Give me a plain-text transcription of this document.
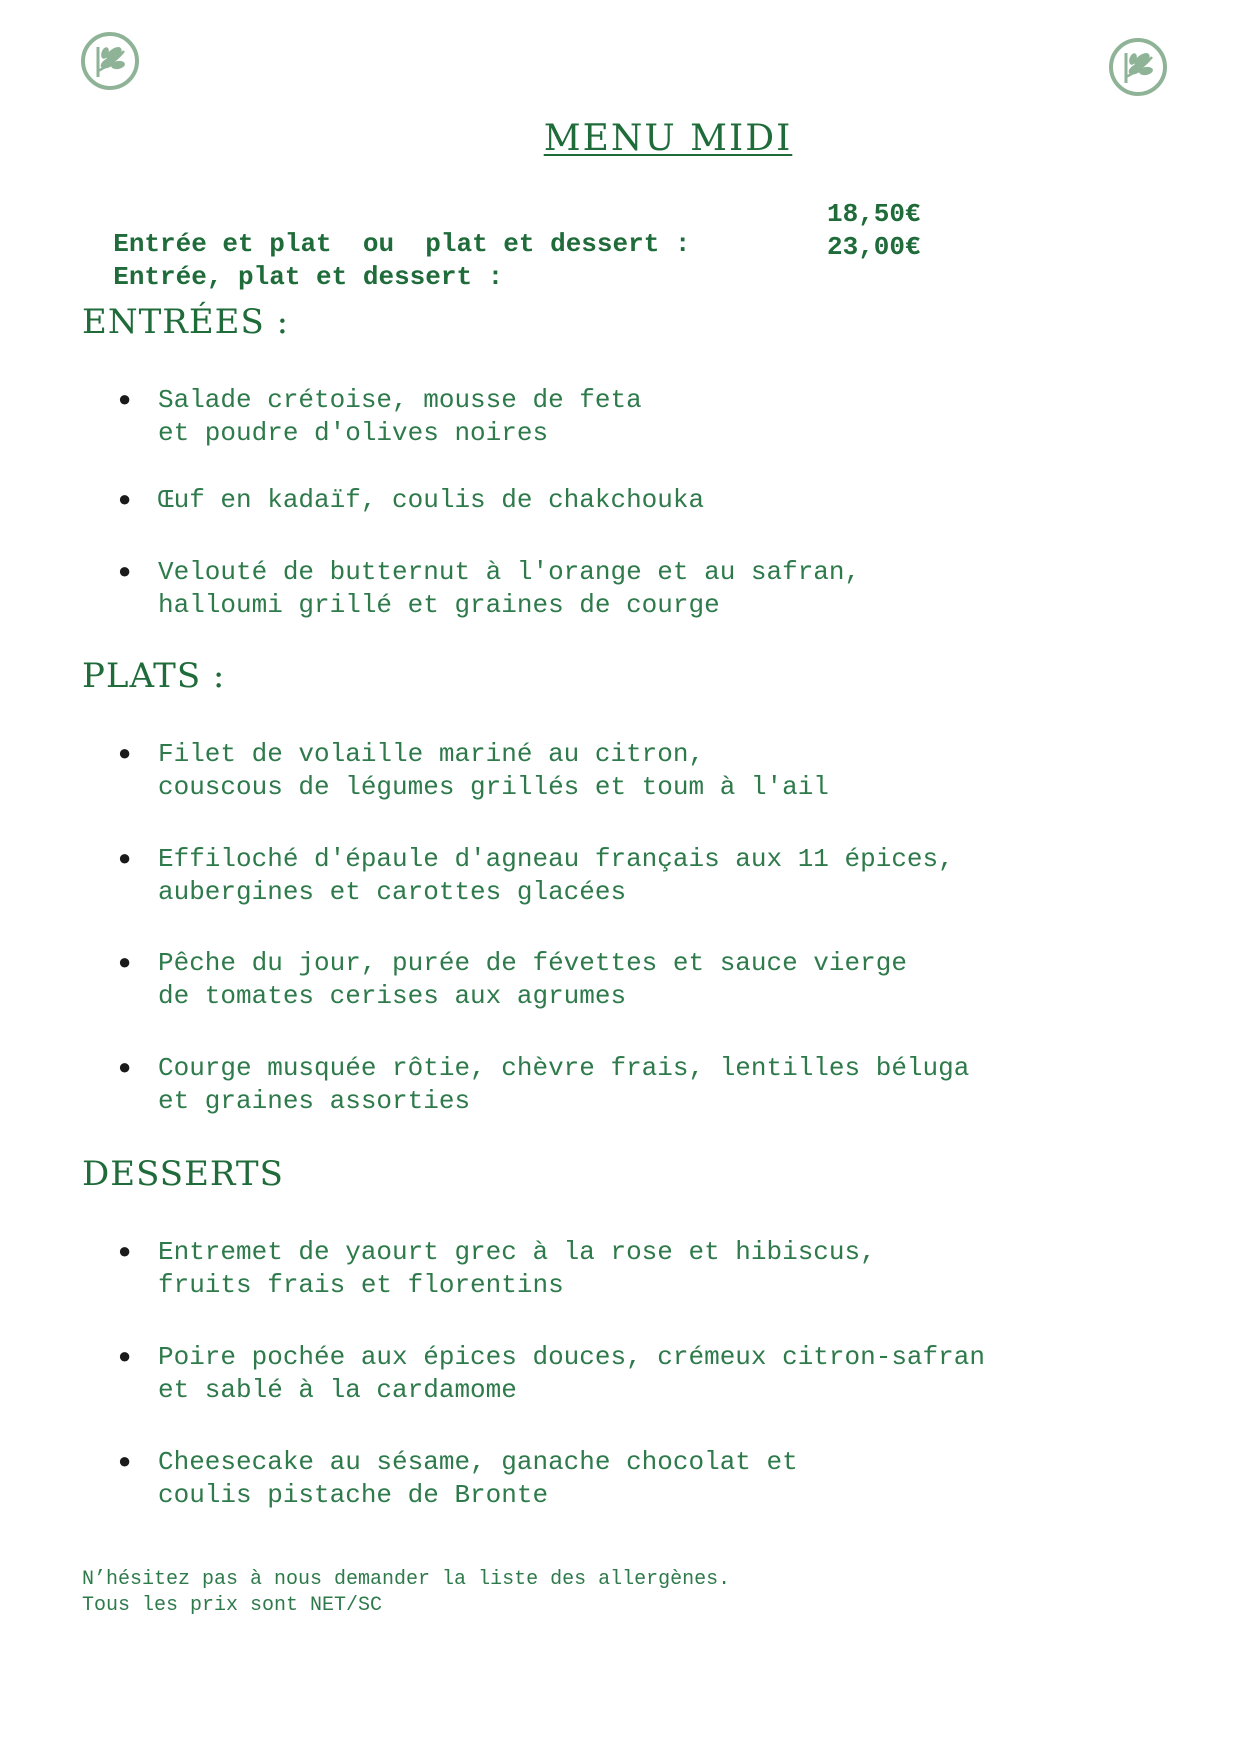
MENU MIDI

Entrée et plat  ou  plat et dessert :

18,50€

Entrée, plat et dessert :

23,00€

ENTRÉES :

●

Salade crétoise, mousse de feta
et poudre d'olives noires

●

Œuf en kadaïf, coulis de chakchouka

●

Velouté de butternut à l'orange et au safran,
halloumi grillé et graines de courge

PLATS :

●

Filet de volaille mariné au citron,
couscous de légumes grillés et toum à l'ail

●

Effiloché d'épaule d'agneau français aux 11 épices,
aubergines et carottes glacées

●

Pêche du jour, purée de févettes et sauce vierge
de tomates cerises aux agrumes

●

Courge musquée rôtie, chèvre frais, lentilles béluga
et graines assorties

DESSERTS

●

Entremet de yaourt grec à la rose et hibiscus,
fruits frais et florentins

●

Poire pochée aux épices douces, crémeux citron-safran
et sablé à la cardamome

●

Cheesecake au sésame, ganache chocolat et
coulis pistache de Bronte

N’hésitez pas à nous demander la liste des allergènes.
Tous les prix sont NET/SC
